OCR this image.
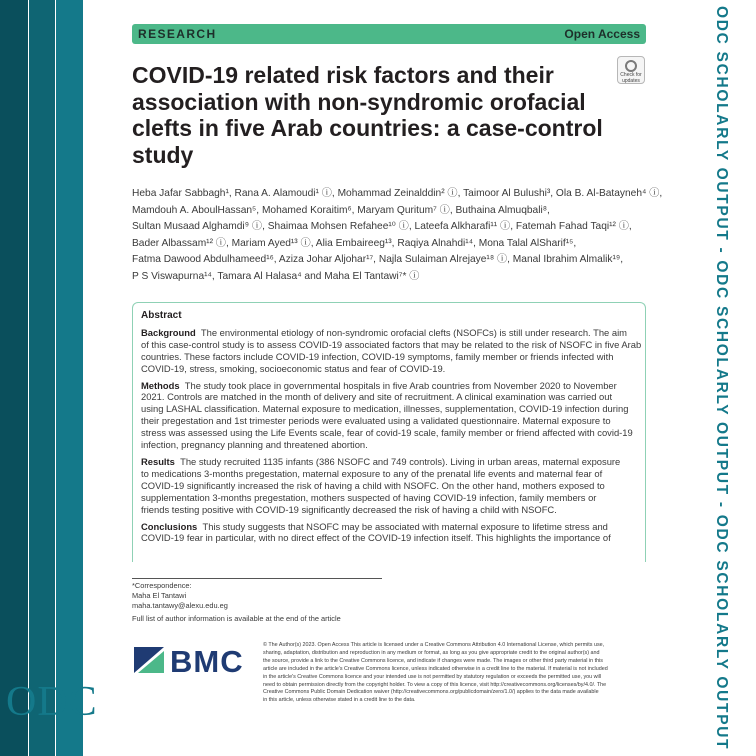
ODC SCHOLARLY OUTPUT - ODC SCHOLARLY OUTPUT - ODC SCHOLARLY OUTPUT
ODC
RESEARCH	Open Access
Check for
updates
COVID-19 related risk factors and their
association with non-syndromic orofacial
clefts in five Arab countries: a case-control
study
Heba Jafar Sabbagh¹, Rana A. Alamoudi¹ ⓘ, Mohammad Zeinalddin² ⓘ, Taimoor Al Bulushi³, Ola B. Al-Batayneh⁴ ⓘ,
Mamdouh A. AboulHassan⁵, Mohamed Koraitim⁶, Maryam Quritum⁷ ⓘ, Buthaina Almuqbali⁸,
Sultan Musaad Alghamdi⁹ ⓘ, Shaimaa Mohsen Refahee¹⁰ ⓘ, Lateefa Alkharafi¹¹ ⓘ, Fatemah Fahad Taqi¹² ⓘ,
Bader Albassam¹² ⓘ, Mariam Ayed¹³ ⓘ, Alia Embaireeg¹³, Raqiya Alnahdi¹⁴, Mona Talal AlSharif¹⁵,
Fatma Dawood Abdulhameed¹⁶, Aziza Johar Aljohar¹⁷, Najla Sulaiman Alrejaye¹⁸ ⓘ, Manal Ibrahim Almalik¹⁹,
P S Viswapurna¹⁴, Tamara Al Halasa⁴ and Maha El Tantawi⁷* ⓘ
Abstract

Background The environmental etiology of non-syndromic orofacial clefts (NSOFCs) is still under research. The aim
of this case-control study is to assess COVID-19 associated factors that may be related to the risk of NSOFC in five Arab
countries. These factors include COVID-19 infection, COVID-19 symptoms, family member or friends infected with
COVID-19, stress, smoking, socioeconomic status and fear of COVID-19.

Methods The study took place in governmental hospitals in five Arab countries from November 2020 to November
2021. Controls are matched in the month of delivery and site of recruitment. A clinical examination was carried out
using LASHAL classification. Maternal exposure to medication, illnesses, supplementation, COVID-19 infection during
their pregestation and 1st trimester periods were evaluated using a validated questionnaire. Maternal exposure to
stress was assessed using the Life Events scale, fear of covid-19 scale, family member or friend affected with covid-19
infection, pregnancy planning and threatened abortion.

Results The study recruited 1135 infants (386 NSOFC and 749 controls). Living in urban areas, maternal exposure
to medications 3-months pregestation, maternal exposure to any of the prenatal life events and maternal fear of
COVID-19 significantly increased the risk of having a child with NSOFC. On the other hand, mothers exposed to
supplementation 3-months pregestation, mothers suspected of having COVID-19 infection, family members or
friends testing positive with COVID-19 significantly decreased the risk of having a child with NSOFC.

Conclusions This study suggests that NSOFC may be associated with maternal exposure to lifetime stress and
COVID-19 fear in particular, with no direct effect of the COVID-19 infection itself. This highlights the importance of

*Correspondence:
Maha El Tantawi
maha.tantawy@alexu.edu.eg
Full list of author information is available at the end of the article
BMC	© The Author(s) 2023. Open Access This article is licensed under a Creative Commons Attribution 4.0 International License, which permits use,
sharing, adaptation, distribution and reproduction in any medium or format, as long as you give appropriate credit to the original author(s) and
the source, provide a link to the Creative Commons licence, and indicate if changes were made. The images or other third party material in this
article are included in the article's Creative Commons licence, unless indicated otherwise in a credit line to the material. If material is not included
in the article's Creative Commons licence and your intended use is not permitted by statutory regulation or exceeds the permitted use, you will
need to obtain permission directly from the copyright holder. To view a copy of this licence, visit http://creativecommons.org/licenses/by/4.0/. The
Creative Commons Public Domain Dedication waiver (http://creativecommons.org/publicdomain/zero/1.0/) applies to the data made available
in this article, unless otherwise stated in a credit line to the data.
